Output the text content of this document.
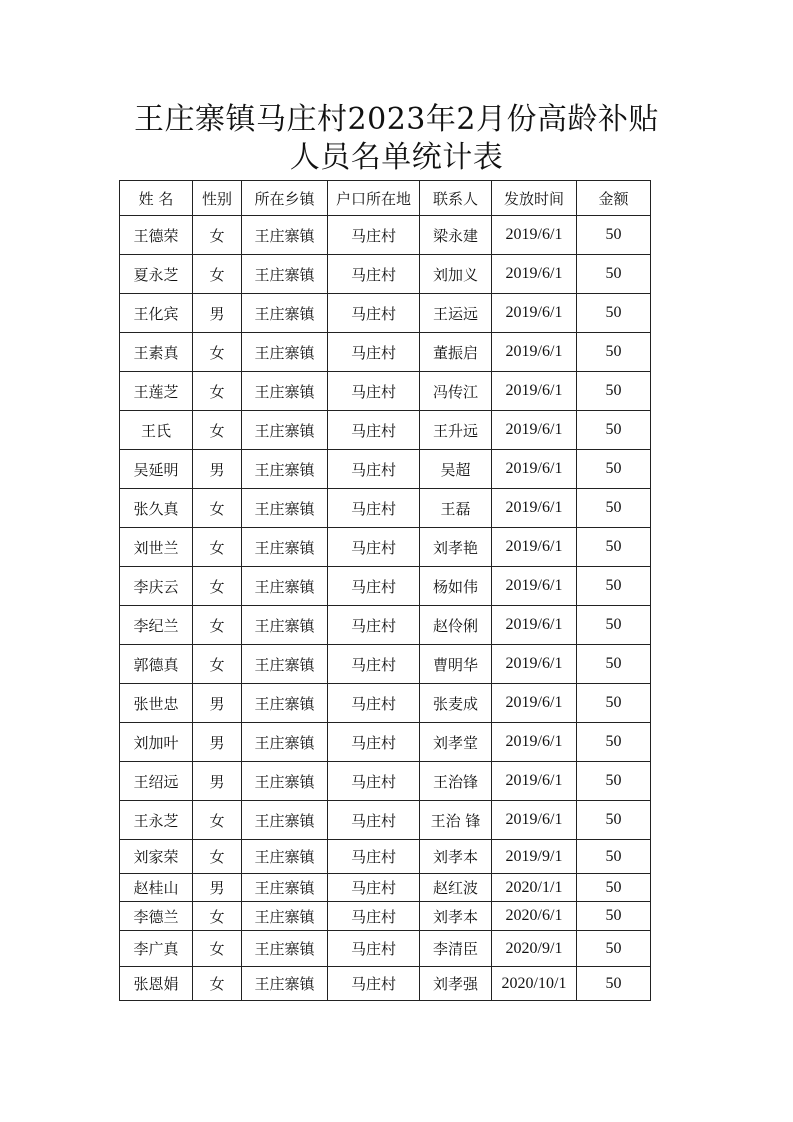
王庄寨镇马庄村2023年2月份高龄补贴
人员名单统计表
姓 名	性别	所在乡镇	户口所在地	联系人	发放时间	金额
王德荣	女	王庄寨镇	马庄村	梁永建	2019/6/1	50
夏永芝	女	王庄寨镇	马庄村	刘加义	2019/6/1	50
王化宾	男	王庄寨镇	马庄村	王运远	2019/6/1	50
王素真	女	王庄寨镇	马庄村	董振启	2019/6/1	50
王莲芝	女	王庄寨镇	马庄村	冯传江	2019/6/1	50
王氏	女	王庄寨镇	马庄村	王升远	2019/6/1	50
吴延明	男	王庄寨镇	马庄村	吴超	2019/6/1	50
张久真	女	王庄寨镇	马庄村	王磊	2019/6/1	50
刘世兰	女	王庄寨镇	马庄村	刘孝艳	2019/6/1	50
李庆云	女	王庄寨镇	马庄村	杨如伟	2019/6/1	50
李纪兰	女	王庄寨镇	马庄村	赵伶俐	2019/6/1	50
郭德真	女	王庄寨镇	马庄村	曹明华	2019/6/1	50
张世忠	男	王庄寨镇	马庄村	张麦成	2019/6/1	50
刘加叶	男	王庄寨镇	马庄村	刘孝堂	2019/6/1	50
王绍远	男	王庄寨镇	马庄村	王治锋	2019/6/1	50
王永芝	女	王庄寨镇	马庄村	王治 锋	2019/6/1	50
刘家荣	女	王庄寨镇	马庄村	刘孝本	2019/9/1	50
赵桂山	男	王庄寨镇	马庄村	赵红波	2020/1/1	50
李德兰	女	王庄寨镇	马庄村	刘孝本	2020/6/1	50
李广真	女	王庄寨镇	马庄村	李清臣	2020/9/1	50
张恩娟	女	王庄寨镇	马庄村	刘孝强	2020/10/1	50
